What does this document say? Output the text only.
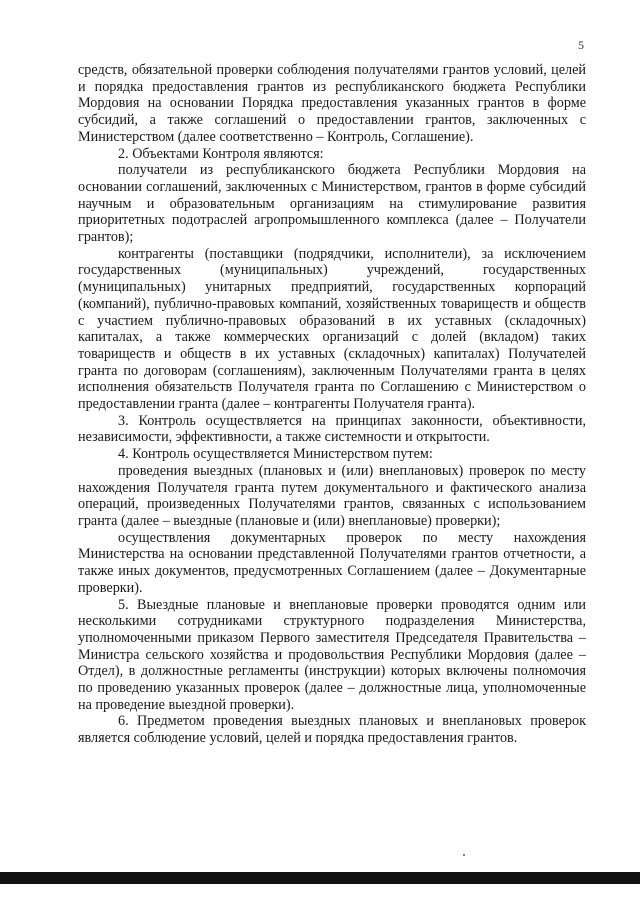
5

средств, обязательной проверки соблюдения получателями грантов условий, целей и порядка предоставления грантов из республиканского бюджета Республики Мордовия на основании Порядка предоставления указанных грантов в форме субсидий, а также соглашений о предоставлении грантов, заключенных с Министерством (далее соответственно – Контроль, Соглашение).

2. Объектами Контроля являются:

получатели из республиканского бюджета Республики Мордовия на основании соглашений, заключенных с Министерством, грантов в форме субсидий научным и образовательным организациям на стимулирование развития приоритетных подотраслей агропромышленного комплекса (далее – Получатели грантов);

контрагенты (поставщики (подрядчики, исполнители), за исключением государственных (муниципальных) учреждений, государственных (муниципальных) унитарных предприятий, государственных корпораций (компаний), публично-правовых компаний, хозяйственных товариществ и обществ с участием публично-правовых образований в их уставных (складочных) капиталах, а также коммерческих организаций с долей (вкладом) таких товариществ и обществ в их уставных (складочных) капиталах) Получателей гранта по договорам (соглашениям), заключенным Получателями гранта в целях исполнения обязательств Получателя гранта по Соглашению с Министерством о предоставлении гранта (далее – контрагенты Получателя гранта).

3. Контроль осуществляется на принципах законности, объективности, независимости, эффективности, а также системности и открытости.

4. Контроль осуществляется Министерством путем:

проведения выездных (плановых и (или) внеплановых) проверок по месту нахождения Получателя гранта путем документального и фактического анализа операций, произведенных Получателями грантов, связанных с использованием гранта (далее – выездные (плановые и (или) внеплановые) проверки);

осуществления документарных проверок по месту нахождения Министерства на основании представленной Получателями грантов отчетности, а также иных документов, предусмотренных Соглашением (далее – Документарные проверки).

5. Выездные плановые и внеплановые проверки проводятся одним или несколькими сотрудниками структурного подразделения Министерства, уполномоченными приказом Первого заместителя Председателя Правительства – Министра сельского хозяйства и продовольствия Республики Мордовия (далее – Отдел), в должностные регламенты (инструкции) которых включены полномочия по проведению указанных проверок (далее – должностные лица, уполномоченные на проведение выездной проверки).

6. Предметом проведения выездных плановых и внеплановых проверок является соблюдение условий, целей и порядка предоставления грантов.
